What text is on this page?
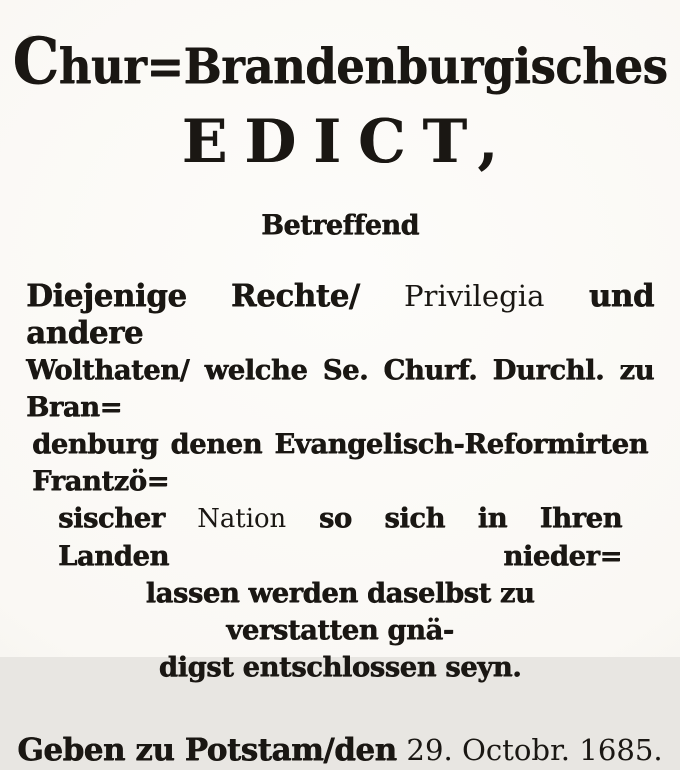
Chur=Brandenburgisches
EDICT,
Betreffend
Diejenige Rechte/ Privilegia und andere
Wolthaten/ welche Se. Churf. Durchl. zu Bran=
denburg denen Evangelisch-Reformirten Frantzö=
sischer Nation so sich in Ihren Landen nieder=
lassen werden daselbst zu verstatten gnä-
digst entschlossen seyn.
Geben zu Potstam/den 29. Octobr. 1685.
